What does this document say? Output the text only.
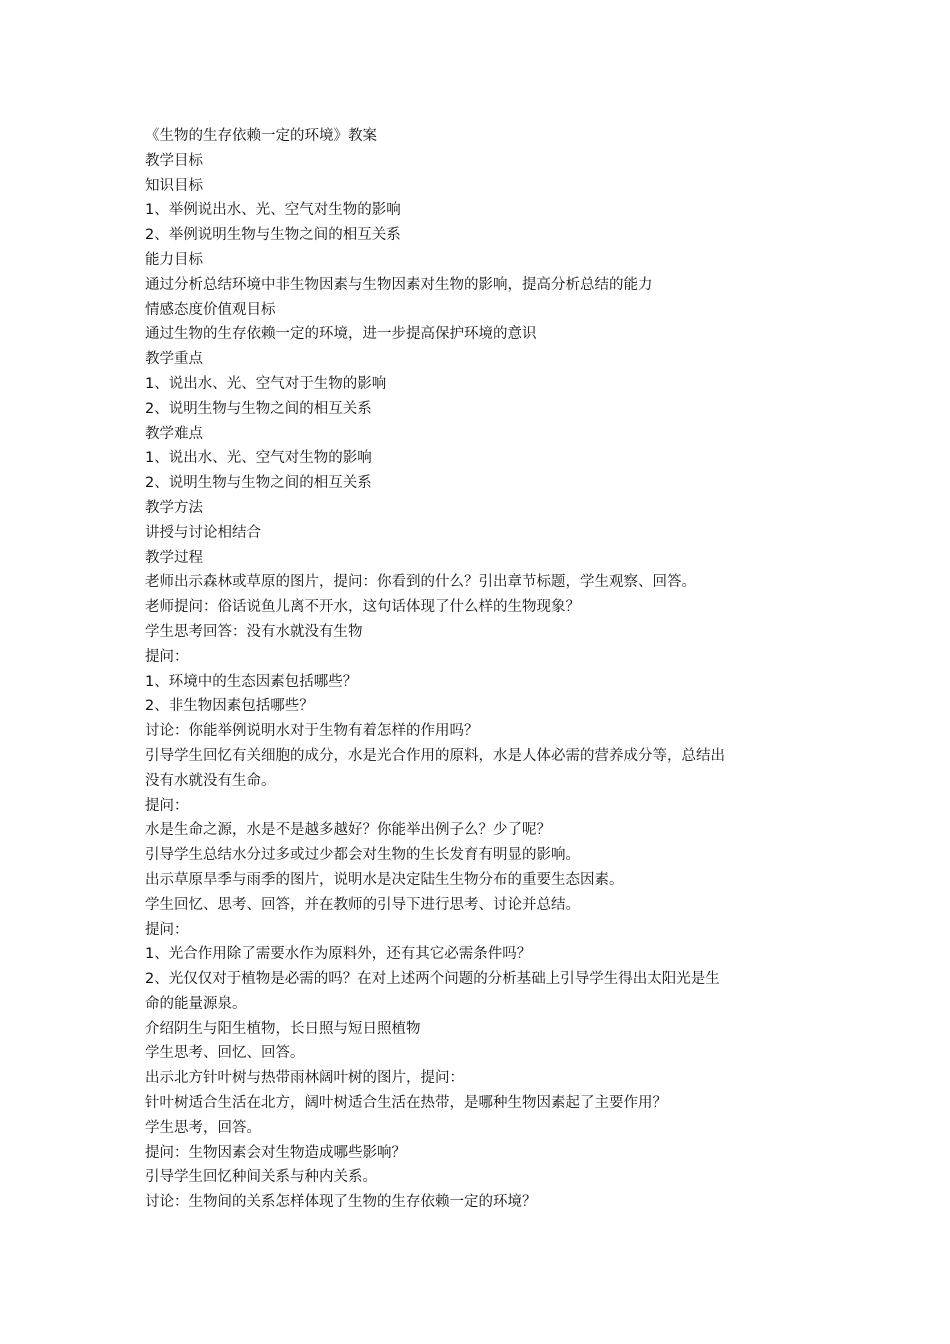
《生物的生存依赖一定的环境》教案
教学目标
知识目标
1、举例说出水、光、空气对生物的影响
2、举例说明生物与生物之间的相互关系
能力目标
通过分析总结环境中非生物因素与生物因素对生物的影响，提高分析总结的能力
情感态度价值观目标
通过生物的生存依赖一定的环境，进一步提高保护环境的意识
教学重点
1、说出水、光、空气对于生物的影响
2、说明生物与生物之间的相互关系
教学难点
1、说出水、光、空气对生物的影响
2、说明生物与生物之间的相互关系
教学方法
讲授与讨论相结合
教学过程
老师出示森林或草原的图片，提问：你看到的什么？引出章节标题，学生观察、回答。
老师提问：俗话说鱼儿离不开水，这句话体现了什么样的生物现象？
学生思考回答：没有水就没有生物
提问：
1、环境中的生态因素包括哪些？
2、非生物因素包括哪些？
讨论：你能举例说明水对于生物有着怎样的作用吗？
引导学生回忆有关细胞的成分，水是光合作用的原料，水是人体必需的营养成分等，总结出
没有水就没有生命。
提问：
水是生命之源，水是不是越多越好？你能举出例子么？少了呢？
引导学生总结水分过多或过少都会对生物的生长发育有明显的影响。
出示草原旱季与雨季的图片，说明水是决定陆生生物分布的重要生态因素。
学生回忆、思考、回答，并在教师的引导下进行思考、讨论并总结。
提问：
1、光合作用除了需要水作为原料外，还有其它必需条件吗？
2、光仅仅对于植物是必需的吗？在对上述两个问题的分析基础上引导学生得出太阳光是生
命的能量源泉。
介绍阴生与阳生植物，长日照与短日照植物
学生思考、回忆、回答。
出示北方针叶树与热带雨林阔叶树的图片，提问：
针叶树适合生活在北方，阔叶树适合生活在热带，是哪种生物因素起了主要作用？
学生思考，回答。
提问：生物因素会对生物造成哪些影响？
引导学生回忆种间关系与种内关系。
讨论：生物间的关系怎样体现了生物的生存依赖一定的环境？
